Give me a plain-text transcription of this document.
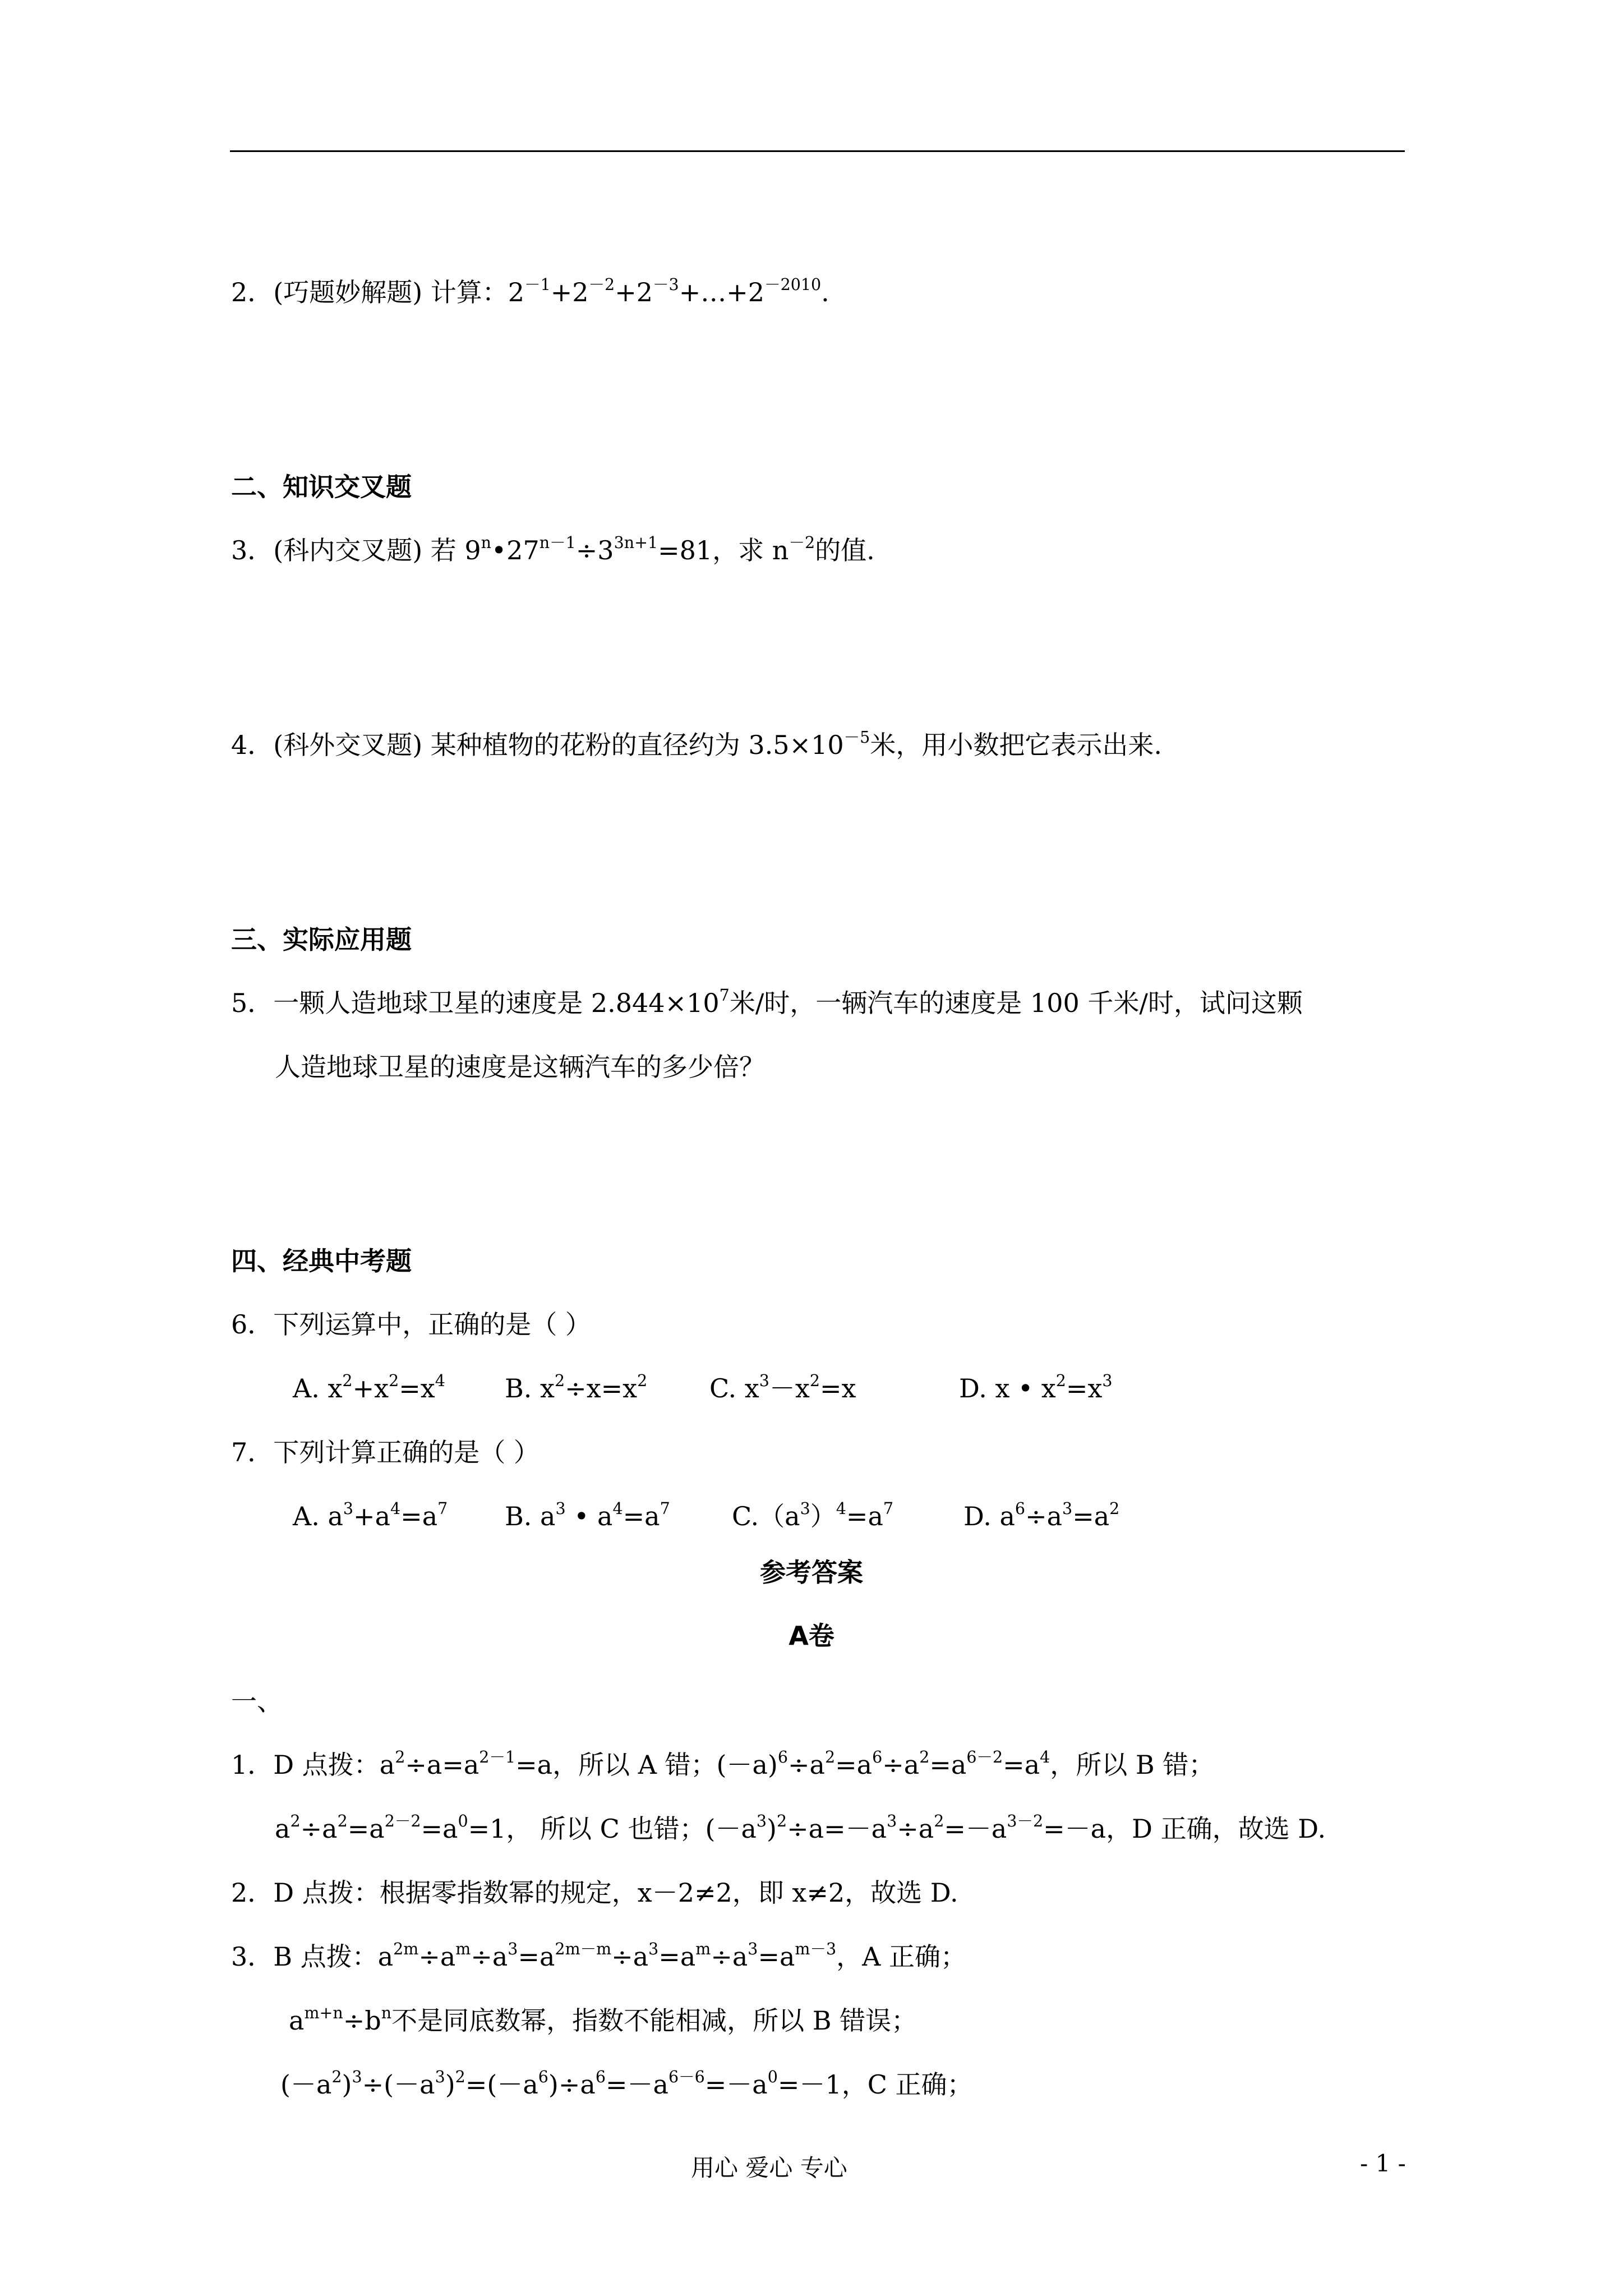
2．(巧题妙解题) 计算：$2^{-1}+2^{-2}+2^{-3}+\dots+2^{-2010}$.
二、知识交叉题
3．(科内交叉题) 若 $9^n•27^{n-1}\div 3^{3n+1}=81$，求 $n^{-2}$的值.
4．(科外交叉题) 某种植物的花粉的直径约为 $3.5\times 10^{-5}$米，用小数把它表示出来.
三、实际应用题
5．一颗人造地球卫星的速度是 $2.844\times 10^7$米/时，一辆汽车的速度是 100 千米/时，试问这颗
人造地球卫星的速度是这辆汽车的多少倍？
四、经典中考题
6．下列运算中，正确的是（ ）
A. $x^2+x^2=x^4$ B. $x^2\div x=x^2$ C. $x^3-x^2=x$	D. x • $x^2=x^3$
7．下列计算正确的是（ ）
A. $a^3+a^4=a^7$ B. $a^3$ • $a^4=a^7$ $C.(a^3)^4=a^7$	D. $a^6\div a^3=a^2$
参考答案
A卷
一、
1．D 点拨：$a^2\div a=a^{2-1}=a$，所以 A 错；$(-a)^6\div a^2=a^6\div a^2=a^{6-2}=a^4$，所以 B 错；
$a^2\div a^2=a^{2-2}=a^0=1$， 所以 C 也错；$(-a^3)^2\div a=-a^3\div a^2=-a^{3-2}=-a$，D 正确，故选 D.
2．D 点拨：根据零指数幂的规定，x－2≠2，即 x≠2，故选 D.
3．B 点拨：$a^{2m}\div a^m\div a^3=a^{2m-m}\div a^3=a^m\div a^3=a^{m-3}$，A 正确；
$a^{m+n}\div b^n$不是同底数幂，指数不能相减，所以 B 错误；
$(-a^2)^3\div(-a^3)^2=(-a^6)\div a^6=-a^{6-6}=-a^0=-1$，C 正确；
用心 爱心 专心	- 1 -
